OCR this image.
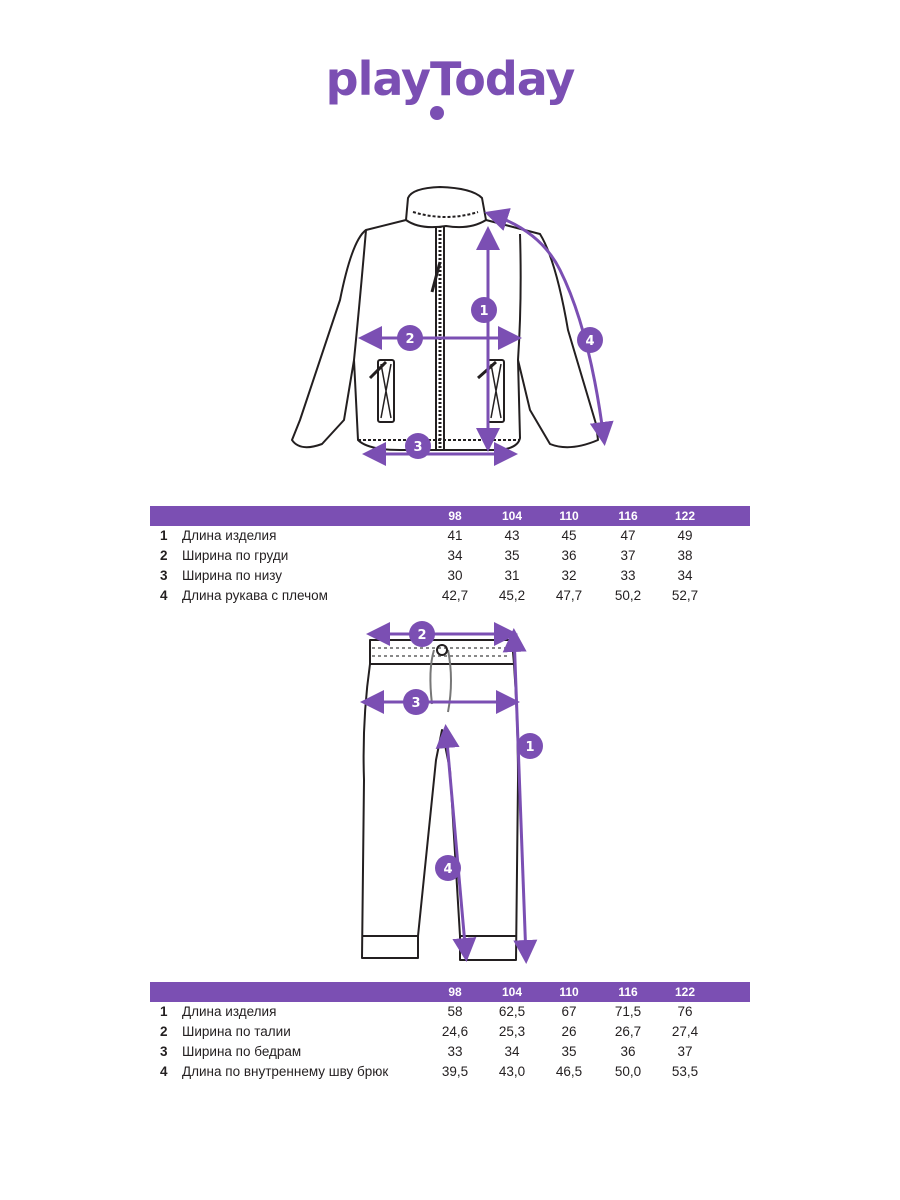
playToday
1
2
3
4
98	104	110	116	122
1	Длина изделия	41	43	45	47	49
2	Ширина по груди	34	35	36	37	38
3	Ширина по низу	30	31	32	33	34
4	Длина рукава с плечом	42,7	45,2	47,7	50,2	52,7
1
2
3
4
98	104	110	116	122
1	Длина изделия	58	62,5	67	71,5	76
2	Ширина по талии	24,6	25,3	26	26,7	27,4
3	Ширина по бедрам	33	34	35	36	37
4	Длина по внутреннему шву брюк	39,5	43,0	46,5	50,0	53,5
